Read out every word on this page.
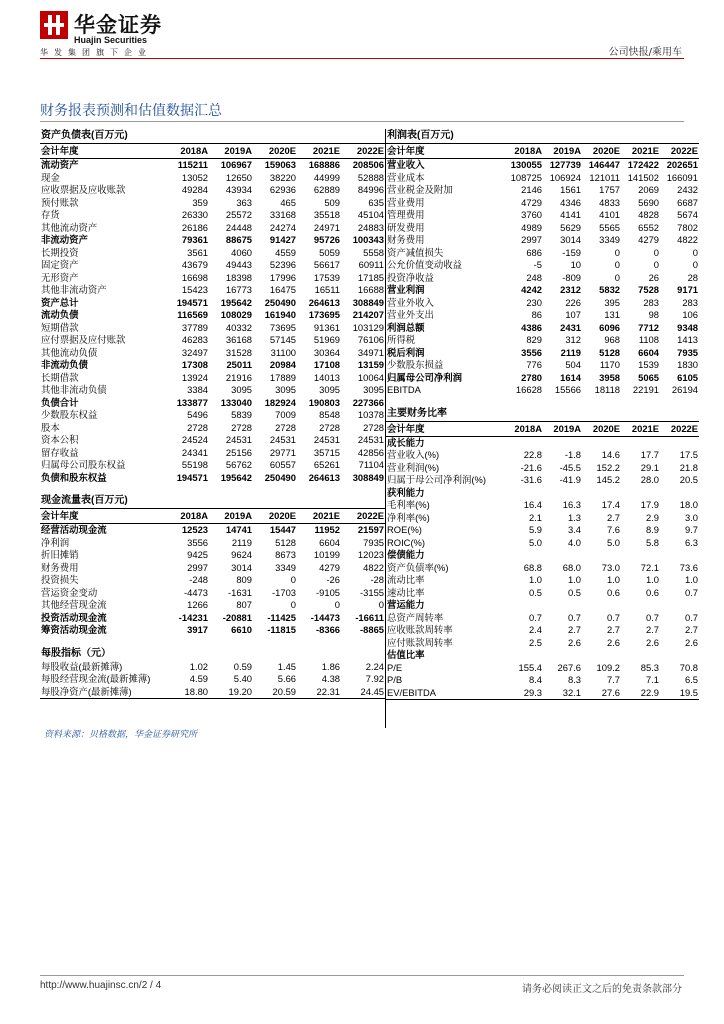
华金证券
Huajin Securities
华发集团旗下企业	公司快报/乘用车
财务报表预测和估值数据汇总
资产负债表(百万元)					
会计年度	2018A	2019A	2020E	2021E	2022E
流动资产	115211	106967	159063	168886	208506
现金	13052	12650	38220	44999	52888
应收票据及应收账款	49284	43934	62936	62889	84996
预付账款	359	363	465	509	635
存货	26330	25572	33168	35518	45104
其他流动资产	26186	24448	24274	24971	24883
非流动资产	79361	88675	91427	95726	100343
长期投资	3561	4060	4559	5059	5558
固定资产	43679	49443	52396	56617	60911
无形资产	16698	18398	17996	17539	17185
其他非流动资产	15423	16773	16475	16511	16688
资产总计	194571	195642	250490	264613	308849
流动负债	116569	108029	161940	173695	214207
短期借款	37789	40332	73695	91361	103129
应付票据及应付账款	46283	36168	57145	51969	76106
其他流动负债	32497	31528	31100	30364	34971
非流动负债	17308	25011	20984	17108	13159
长期借款	13924	21916	17889	14013	10064
其他非流动负债	3384	3095	3095	3095	3095
负债合计	133877	133040	182924	190803	227366
少数股东权益	5496	5839	7009	8548	10378
股本	2728	2728	2728	2728	2728
资本公积	24524	24531	24531	24531	24531
留存收益	24341	25156	29771	35715	42856
归属母公司股东权益	55198	56762	60557	65261	71104
负债和股东权益	194571	195642	250490	264613	308849

现金流量表(百万元)					
会计年度	2018A	2019A	2020E	2021E	2022E
经营活动现金流	12523	14741	15447	11952	21597
净利润	3556	2119	5128	6604	7935
折旧摊销	9425	9624	8673	10199	12023
财务费用	2997	3014	3349	4279	4822
投资损失	-248	809	0	-26	-28
营运资金变动	-4473	-1631	-1703	-9105	-3155
其他经营现金流	1266	807	0	0	0
投资活动现金流	-14231	-20881	-11425	-14473	-16611
筹资活动现金流	3917	6610	-11815	-8366	-8865

每股指标（元）					
每股收益(最新摊薄)	1.02	0.59	1.45	1.86	2.24
每股经营现金流(最新摊薄)	4.59	5.40	5.66	4.38	7.92
每股净资产(最新摊薄)	18.80	19.20	20.59	22.31	24.45
利润表(百万元)					
会计年度	2018A	2019A	2020E	2021E	2022E
营业收入	130055	127739	146447	172422	202651
营业成本	108725	106924	121011	141502	166091
营业税金及附加	2146	1561	1757	2069	2432
营业费用	4729	4346	4833	5690	6687
管理费用	3760	4141	4101	4828	5674
研发费用	4989	5629	5565	6552	7802
财务费用	2997	3014	3349	4279	4822
资产减值损失	686	-159	0	0	0
公允价值变动收益	-5	10	0	0	0
投资净收益	248	-809	0	26	28
营业利润	4242	2312	5832	7528	9171
营业外收入	230	226	395	283	283
营业外支出	86	107	131	98	106
利润总额	4386	2431	6096	7712	9348
所得税	829	312	968	1108	1413
税后利润	3556	2119	5128	6604	7935
少数股东损益	776	504	1170	1539	1830
归属母公司净利润	2780	1614	3958	5065	6105
EBITDA	16628	15566	18118	22191	26194

主要财务比率					
会计年度	2018A	2019A	2020E	2021E	2022E
成长能力					
营业收入(%)	22.8	-1.8	14.6	17.7	17.5
营业利润(%)	-21.6	-45.5	152.2	29.1	21.8
归属于母公司净利润(%)	-31.6	-41.9	145.2	28.0	20.5
获利能力					
毛利率(%)	16.4	16.3	17.4	17.9	18.0
净利率(%)	2.1	1.3	2.7	2.9	3.0
ROE(%)	5.9	3.4	7.6	8.9	9.7
ROIC(%)	5.0	4.0	5.0	5.8	6.3
偿债能力					
资产负债率(%)	68.8	68.0	73.0	72.1	73.6
流动比率	1.0	1.0	1.0	1.0	1.0
速动比率	0.5	0.5	0.6	0.6	0.7
营运能力					
总资产周转率	0.7	0.7	0.7	0.7	0.7
应收账款周转率	2.4	2.7	2.7	2.7	2.7
应付账款周转率	2.5	2.6	2.6	2.6	2.6
估值比率					
P/E	155.4	267.6	109.2	85.3	70.8
P/B	8.4	8.3	7.7	7.1	6.5
EV/EBITDA	29.3	32.1	27.6	22.9	19.5
资料来源：贝格数据，华金证券研究所
http://www.huajinsc.cn/2 / 4	请务必阅读正文之后的免责条款部分
